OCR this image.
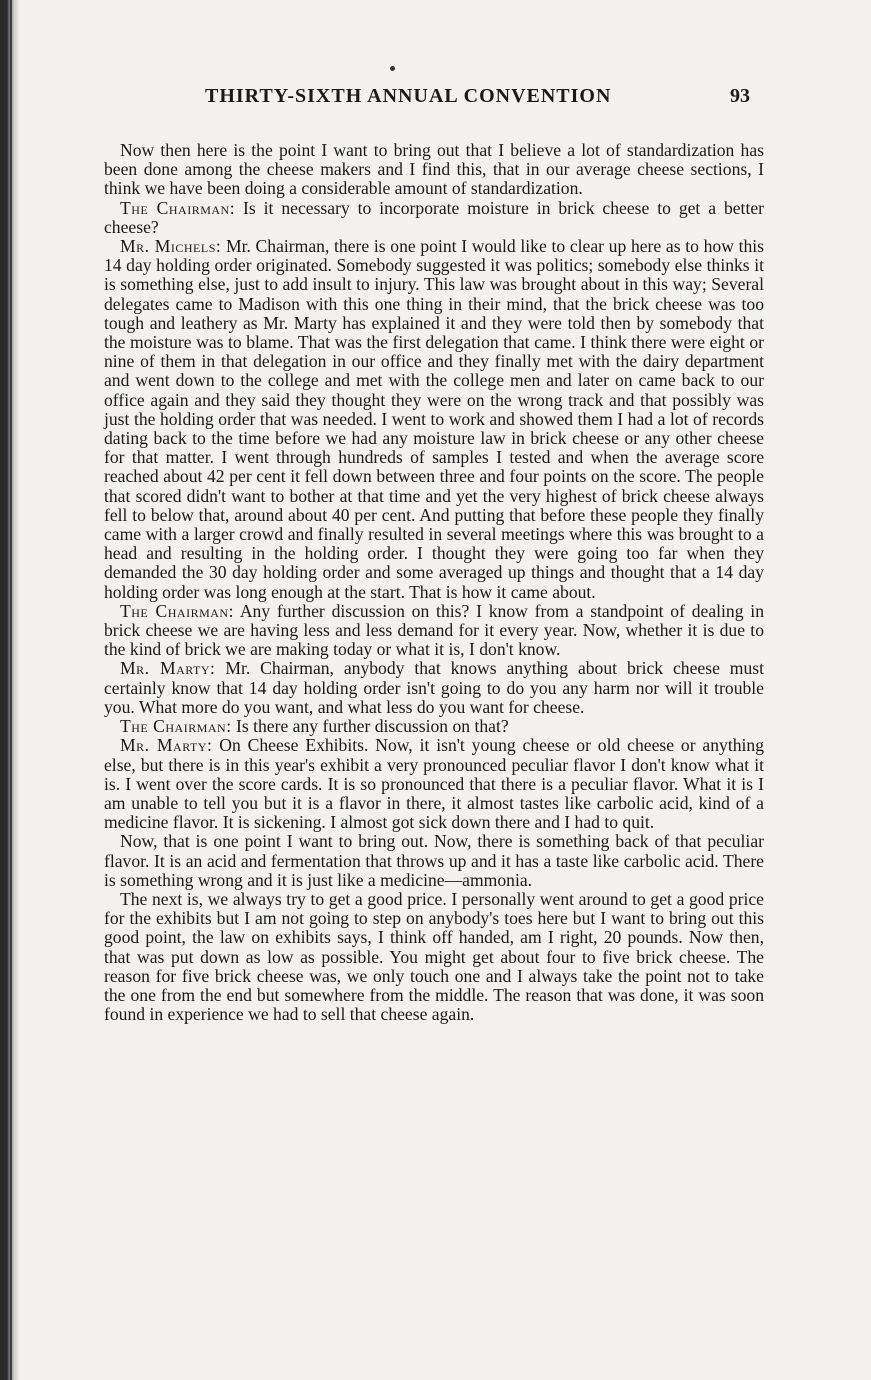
THIRTY-SIXTH ANNUAL CONVENTION	93

Now then here is the point I want to bring out that I believe a lot of standardization has been done among the cheese makers and I find this, that in our average cheese sections, I think we have been doing a considerable amount of standardization.

The Chairman: Is it necessary to incorporate moisture in brick cheese to get a better cheese?

Mr. Michels: Mr. Chairman, there is one point I would like to clear up here as to how this 14 day holding order originated. Somebody suggested it was politics; somebody else thinks it is something else, just to add insult to injury. This law was brought about in this way; Several delegates came to Madison with this one thing in their mind, that the brick cheese was too tough and leathery as Mr. Marty has explained it and they were told then by somebody that the moisture was to blame. That was the first delegation that came. I think there were eight or nine of them in that delegation in our office and they finally met with the dairy department and went down to the college and met with the college men and later on came back to our office again and they said they thought they were on the wrong track and that possibly was just the holding order that was needed. I went to work and showed them I had a lot of records dating back to the time before we had any moisture law in brick cheese or any other cheese for that matter. I went through hundreds of samples I tested and when the average score reached about 42 per cent it fell down between three and four points on the score. The people that scored didn't want to bother at that time and yet the very highest of brick cheese always fell to below that, around about 40 per cent. And putting that before these people they finally came with a larger crowd and finally resulted in several meetings where this was brought to a head and resulting in the holding order. I thought they were going too far when they demanded the 30 day holding order and some averaged up things and thought that a 14 day holding order was long enough at the start. That is how it came about.

The Chairman: Any further discussion on this? I know from a standpoint of dealing in brick cheese we are having less and less demand for it every year. Now, whether it is due to the kind of brick we are making today or what it is, I don't know.

Mr. Marty: Mr. Chairman, anybody that knows anything about brick cheese must certainly know that 14 day holding order isn't going to do you any harm nor will it trouble you. What more do you want, and what less do you want for cheese.

The Chairman: Is there any further discussion on that?

Mr. Marty: On Cheese Exhibits. Now, it isn't young cheese or old cheese or anything else, but there is in this year's exhibit a very pronounced peculiar flavor I don't know what it is. I went over the score cards. It is so pronounced that there is a peculiar flavor. What it is I am unable to tell you but it is a flavor in there, it almost tastes like carbolic acid, kind of a medicine flavor. It is sickening. I almost got sick down there and I had to quit.

Now, that is one point I want to bring out. Now, there is something back of that peculiar flavor. It is an acid and fermentation that throws up and it has a taste like carbolic acid. There is something wrong and it is just like a medicine—ammonia.

The next is, we always try to get a good price. I personally went around to get a good price for the exhibits but I am not going to step on anybody's toes here but I want to bring out this good point, the law on exhibits says, I think off handed, am I right, 20 pounds. Now then, that was put down as low as possible. You might get about four to five brick cheese. The reason for five brick cheese was, we only touch one and I always take the point not to take the one from the end but somewhere from the middle. The reason that was done, it was soon found in experience we had to sell that cheese again.
